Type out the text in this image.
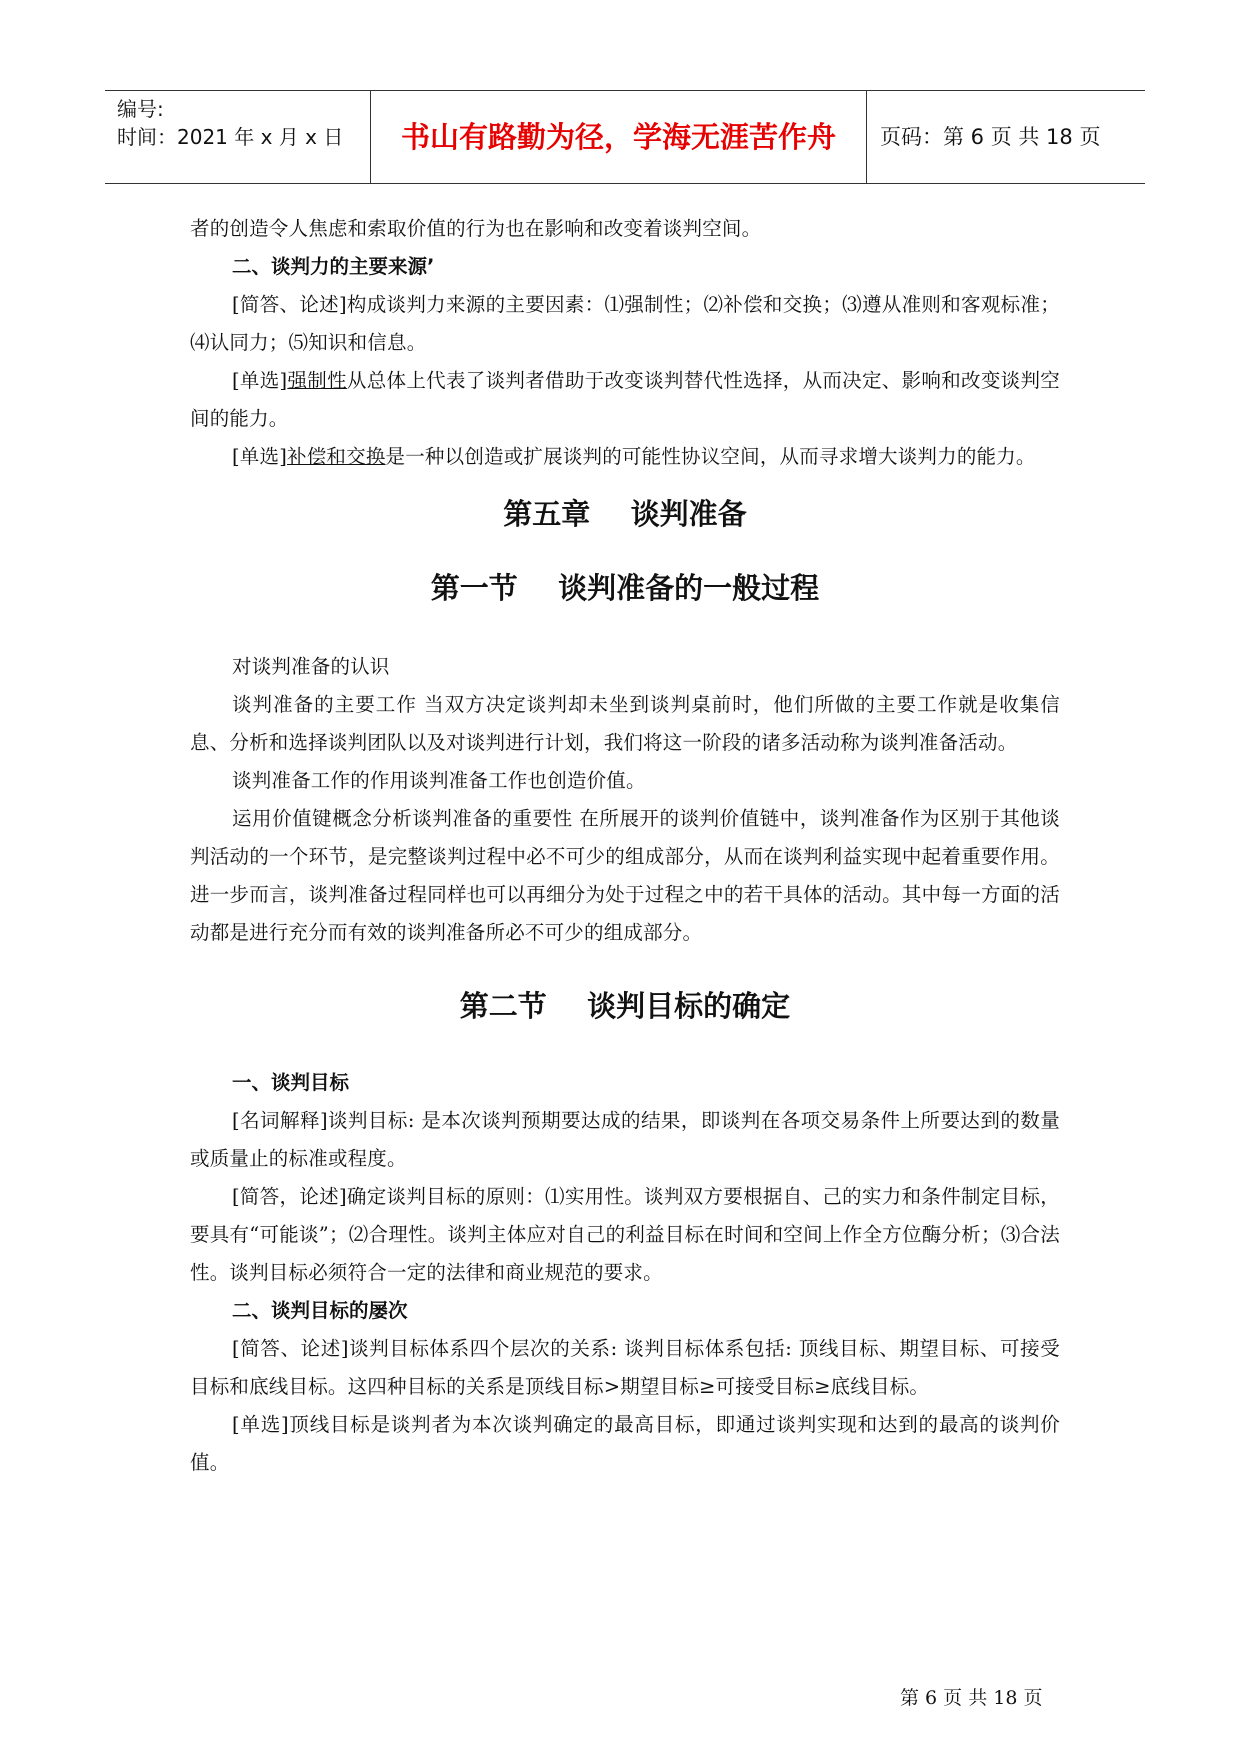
编号:
时间：2021 年 x 月 x 日	书山有路勤为径，学海无涯苦作舟	页码：第 6 页 共 18 页

者的创造令人焦虑和索取价值的行为也在影响和改变着谈判空间。

二、谈判力的主要来源’

[简答、论述]构成谈判力来源的主要因素：⑴强制性；⑵补偿和交换；⑶遵从准则和客观标准；⑷认同力；⑸知识和信息。

[单选]强制性从总体上代表了谈判者借助于改变谈判替代性选择，从而决定、影响和改变谈判空间的能力。

[单选]补偿和交换是一种以创造或扩展谈判的可能性协议空间，从而寻求增大谈判力的能力。

第五章    谈判准备

第一节    谈判准备的一般过程

对谈判准备的认识

谈判准备的主要工作 当双方决定谈判却未坐到谈判桌前时，他们所做的主要工作就是收集信息、分析和选择谈判团队以及对谈判进行计划，我们将这一阶段的诸多活动称为谈判准备活动。

谈判准备工作的作用谈判准备工作也创造价值。

运用价值键概念分析谈判准备的重要性 在所展开的谈判价值链中，谈判准备作为区别于其他谈判活动的一个环节，是完整谈判过程中必不可少的组成部分，从而在谈判利益实现中起着重要作用。进一步而言，谈判准备过程同样也可以再细分为处于过程之中的若干具体的活动。其中每一方面的活动都是进行充分而有效的谈判准备所必不可少的组成部分。

第二节    谈判目标的确定

一、谈判目标

[名词解释]谈判目标: 是本次谈判预期要达成的结果，即谈判在各项交易条件上所要达到的数量或质量止的标准或程度。

[简答，论述]确定谈判目标的原则：⑴实用性。谈判双方要根据自、己的实力和条件制定目标，要具有“可能谈”；⑵合理性。谈判主体应对自己的利益目标在时间和空间上作全方位酶分析；⑶合法性。谈判目标必须符合一定的法律和商业规范的要求。

二、谈判目标的屡次

[简答、论述]谈判目标体系四个层次的关系: 谈判目标体系包括: 顶线目标、期望目标、可接受目标和底线目标。这四种目标的关系是顶线目标>期望目标≥可接受目标≥底线目标。

[单选]顶线目标是谈判者为本次谈判确定的最高目标，即通过谈判实现和达到的最高的谈判价值。

第 6 页 共 18 页
